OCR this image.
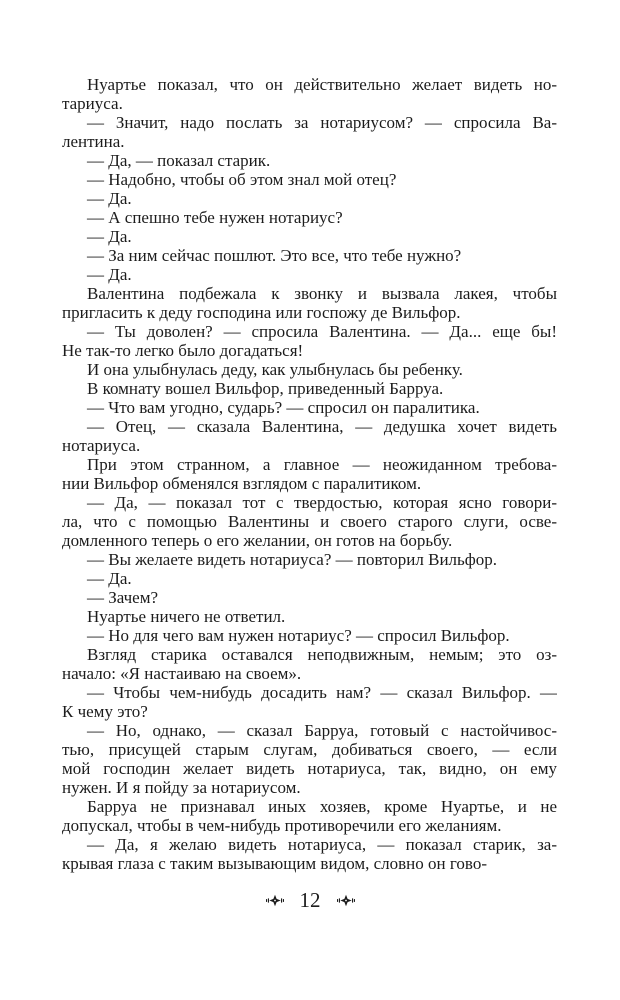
Нуартье показал, что он действительно желает видеть но-
тариуса.
— Значит, надо послать за нотариусом? — спросила Ва-
лентина.
— Да, — показал старик.
— Надобно, чтобы об этом знал мой отец?
— Да.
— А спешно тебе нужен нотариус?
— Да.
— За ним сейчас пошлют. Это все, что тебе нужно?
— Да.
Валентина подбежала к звонку и вызвала лакея, чтобы
пригласить к деду господина или госпожу де Вильфор.
— Ты доволен? — спросила Валентина. — Да... еще бы!
Не так-то легко было догадаться!
И она улыбнулась деду, как улыбнулась бы ребенку.
В комнату вошел Вильфор, приведенный Барруа.
— Что вам угодно, сударь? — спросил он паралитика.
— Отец, — сказала Валентина, — дедушка хочет видеть
нотариуса.
При этом странном, а главное — неожиданном требова-
нии Вильфор обменялся взглядом с паралитиком.
— Да, — показал тот с твердостью, которая ясно говори-
ла, что с помощью Валентины и своего старого слуги, осве-
домленного теперь о его желании, он готов на борьбу.
— Вы желаете видеть нотариуса? — повторил Вильфор.
— Да.
— Зачем?
Нуартье ничего не ответил.
— Но для чего вам нужен нотариус? — спросил Вильфор.
Взгляд старика оставался неподвижным, немым; это оз-
начало: «Я настаиваю на своем».
— Чтобы чем-нибудь досадить нам? — сказал Вильфор. —
К чему это?
— Но, однако, — сказал Барруа, готовый с настойчивос-
тью, присущей старым слугам, добиваться своего, — если
мой господин желает видеть нотариуса, так, видно, он ему
нужен. И я пойду за нотариусом.
Барруа не признавал иных хозяев, кроме Нуартье, и не
допускал, чтобы в чем-нибудь противоречили его желаниям.
— Да, я желаю видеть нотариуса, — показал старик, за-
крывая глаза с таким вызывающим видом, словно он гово-
12
